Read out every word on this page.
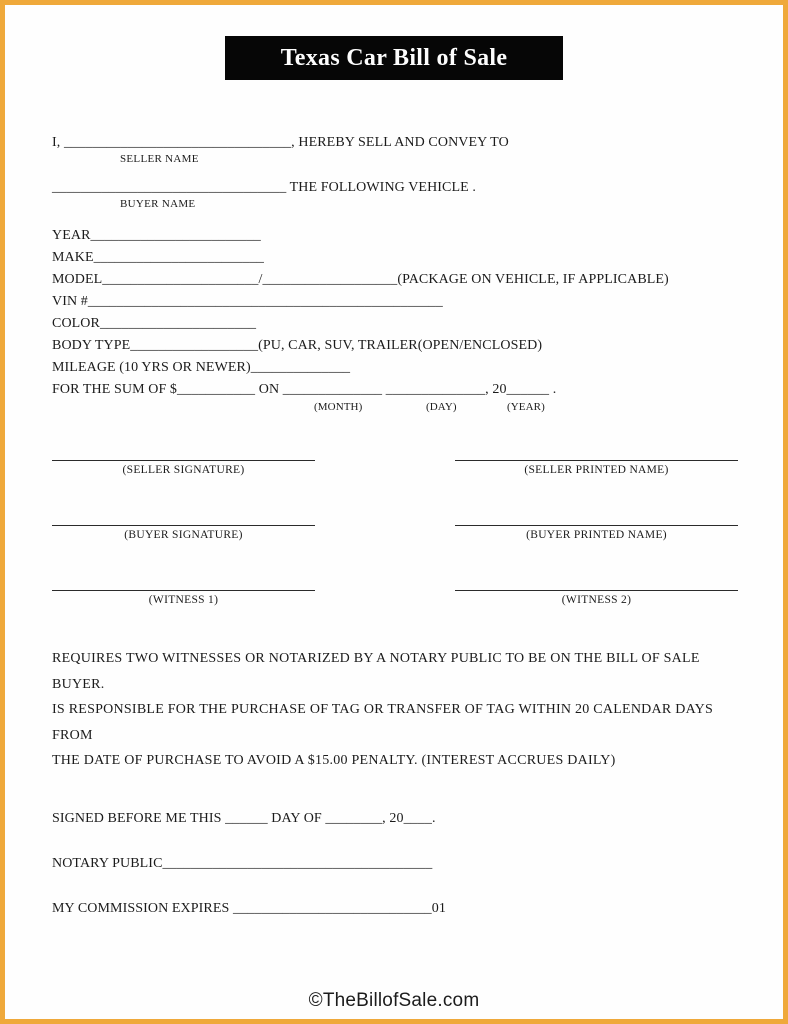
Texas Car Bill of Sale
I, ________________________________, HEREBY SELL AND CONVEY TO
SELLER NAME
_________________________________ THE FOLLOWING VEHICLE .
BUYER NAME
YEAR________________________
MAKE________________________
MODEL______________________/___________________(PACKAGE ON VEHICLE, IF APPLICABLE)
VIN #__________________________________________________
COLOR______________________
BODY TYPE__________________(PU, CAR, SUV, TRAILER(OPEN/ENCLOSED)
MILEAGE (10 YRS OR NEWER)______________
FOR THE SUM OF $___________ ON ______________ ______________, 20______ .
(MONTH)	(DAY)	(YEAR)
(SELLER SIGNATURE)	(SELLER PRINTED NAME)
(BUYER SIGNATURE)	(BUYER PRINTED NAME)
(WITNESS 1)	(WITNESS 2)
REQUIRES TWO WITNESSES OR NOTARIZED BY A NOTARY PUBLIC TO BE ON THE BILL OF SALE BUYER.
IS RESPONSIBLE FOR THE PURCHASE OF TAG OR TRANSFER OF TAG WITHIN 20 CALENDAR DAYS FROM
THE DATE OF PURCHASE TO AVOID A $15.00 PENALTY. (INTEREST ACCRUES DAILY)
SIGNED BEFORE ME THIS ______ DAY OF ________, 20____.
NOTARY PUBLIC______________________________________
MY COMMISSION EXPIRES ____________________________01
©TheBillofSale.com
